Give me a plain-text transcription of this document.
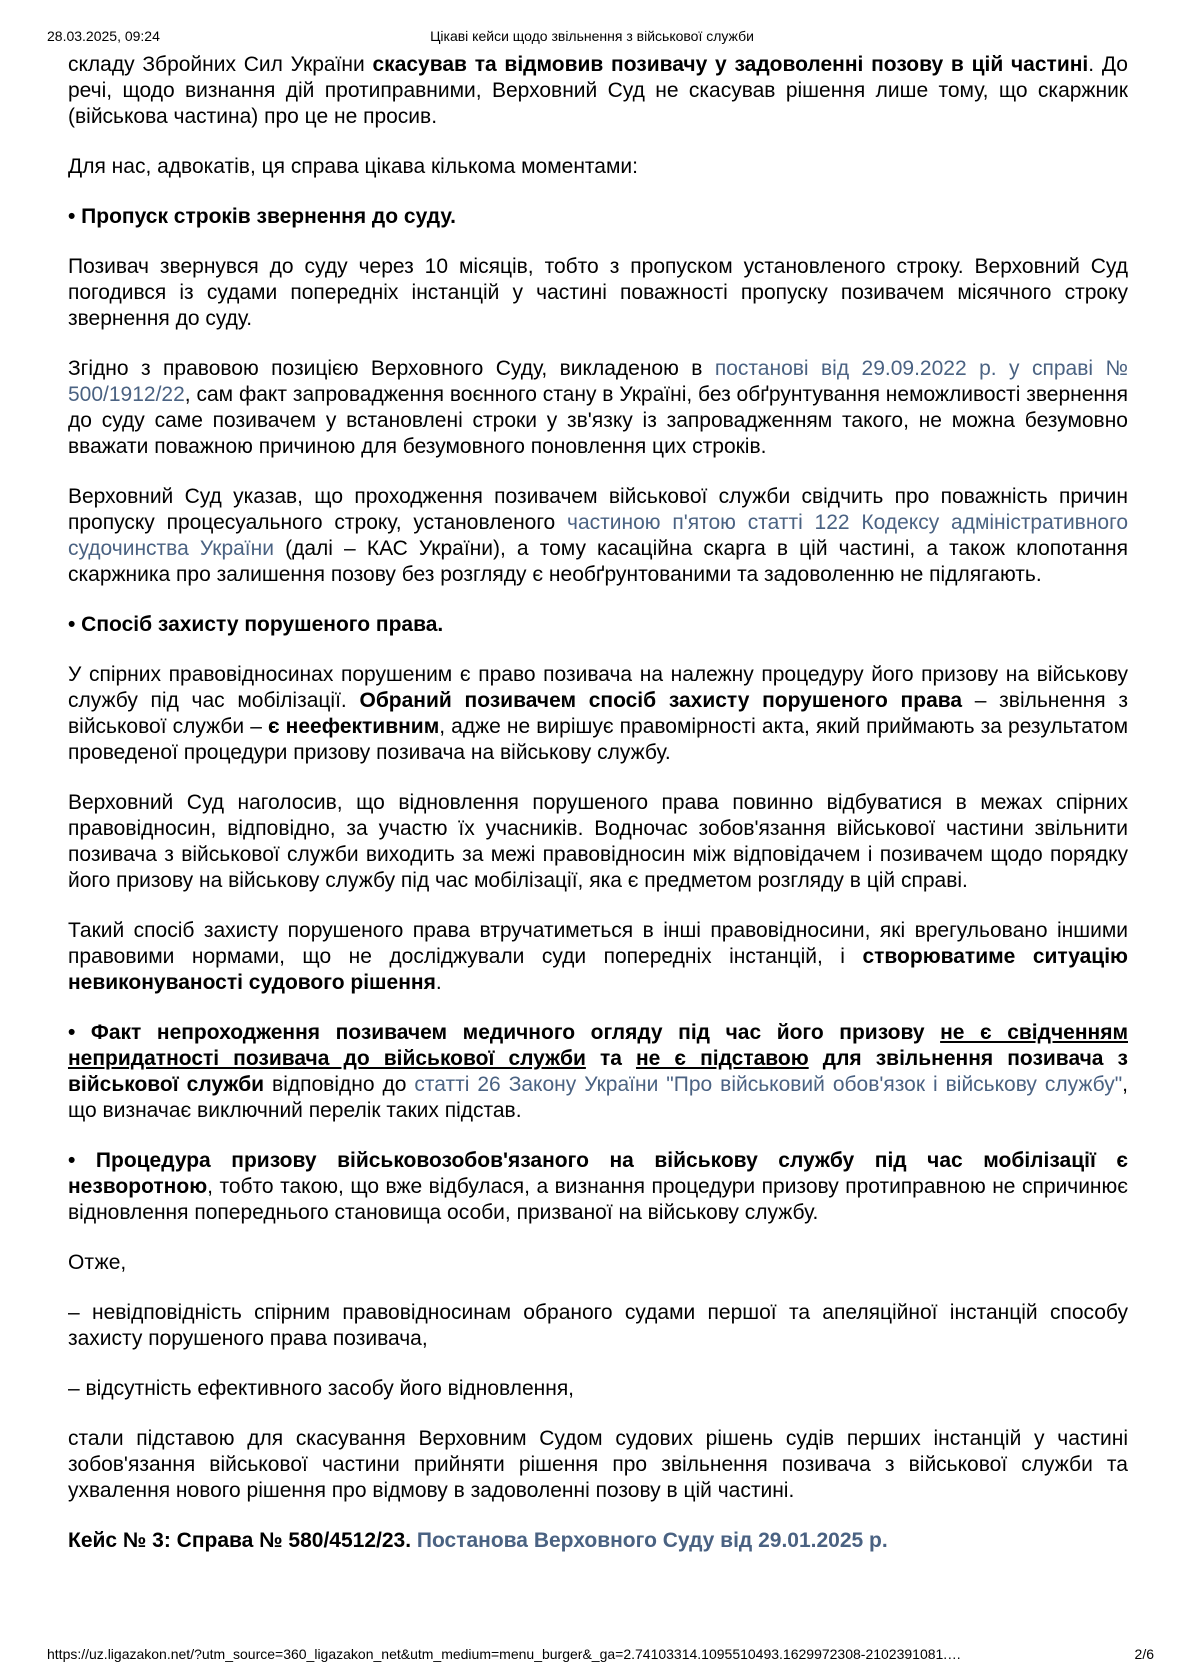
28.03.2025, 09:24	Цікаві кейси щодо звільнення з військової служби

складу Збройних Сил України скасував та відмовив позивачу у задоволенні позову в цій частині. До речі, щодо визнання дій протиправними, Верховний Суд не скасував рішення лише тому, що скаржник (військова частина) про це не просив.

Для нас, адвокатів, ця справа цікава кількома моментами:

• Пропуск строків звернення до суду.

Позивач звернувся до суду через 10 місяців, тобто з пропуском установленого строку. Верховний Суд погодився із судами попередніх інстанцій у частині поважності пропуску позивачем місячного строку звернення до суду.

Згідно з правовою позицією Верховного Суду, викладеною в постанові від 29.09.2022 р. у справі № 500/1912/22, сам факт запровадження воєнного стану в Україні, без обґрунтування неможливості звернення до суду саме позивачем у встановлені строки у зв'язку із запровадженням такого, не можна безумовно вважати поважною причиною для безумовного поновлення цих строків.

Верховний Суд указав, що проходження позивачем військової служби свідчить про поважність причин пропуску процесуального строку, установленого частиною п'ятою статті 122 Кодексу адміністративного судочинства України (далі – КАС України), а тому касаційна скарга в цій частині, а також клопотання скаржника про залишення позову без розгляду є необґрунтованими та задоволенню не підлягають.

• Спосіб захисту порушеного права.

У спірних правовідносинах порушеним є право позивача на належну процедуру його призову на військову службу під час мобілізації. Обраний позивачем спосіб захисту порушеного права – звільнення з військової служби – є неефективним, адже не вирішує правомірності акта, який приймають за результатом проведеної процедури призову позивача на військову службу.

Верховний Суд наголосив, що відновлення порушеного права повинно відбуватися в межах спірних правовідносин, відповідно, за участю їх учасників. Водночас зобов'язання військової частини звільнити позивача з військової служби виходить за межі правовідносин між відповідачем і позивачем щодо порядку його призову на військову службу під час мобілізації, яка є предметом розгляду в цій справі.

Такий спосіб захисту порушеного права втручатиметься в інші правовідносини, які врегульовано іншими правовими нормами, що не досліджували суди попередніх інстанцій, і створюватиме ситуацію невиконуваності судового рішення.

• Факт непроходження позивачем медичного огляду під час його призову не є свідченням непридатності позивача до військової служби та не є підставою для звільнення позивача з військової служби відповідно до статті 26 Закону України "Про військовий обов'язок і військову службу", що визначає виключний перелік таких підстав.

• Процедура призову військовозобов'язаного на військову службу під час мобілізації є незворотною, тобто такою, що вже відбулася, а визнання процедури призову протиправною не спричинює відновлення попереднього становища особи, призваної на військову службу.

Отже,

– невідповідність спірним правовідносинам обраного судами першої та апеляційної інстанцій способу захисту порушеного права позивача,

– відсутність ефективного засобу його відновлення,

стали підставою для скасування Верховним Судом судових рішень судів перших інстанцій у частині зобов'язання військової частини прийняти рішення про звільнення позивача з військової служби та ухвалення нового рішення про відмову в задоволенні позову в цій частині.

Кейс № 3: Справа № 580/4512/23. Постанова Верховного Суду від 29.01.2025 р.

https://uz.ligazakon.net/?utm_source=360_ligazakon_net&utm_medium=menu_burger&_ga=2.74103314.1095510493.1629972308-2102391081.…	2/6
